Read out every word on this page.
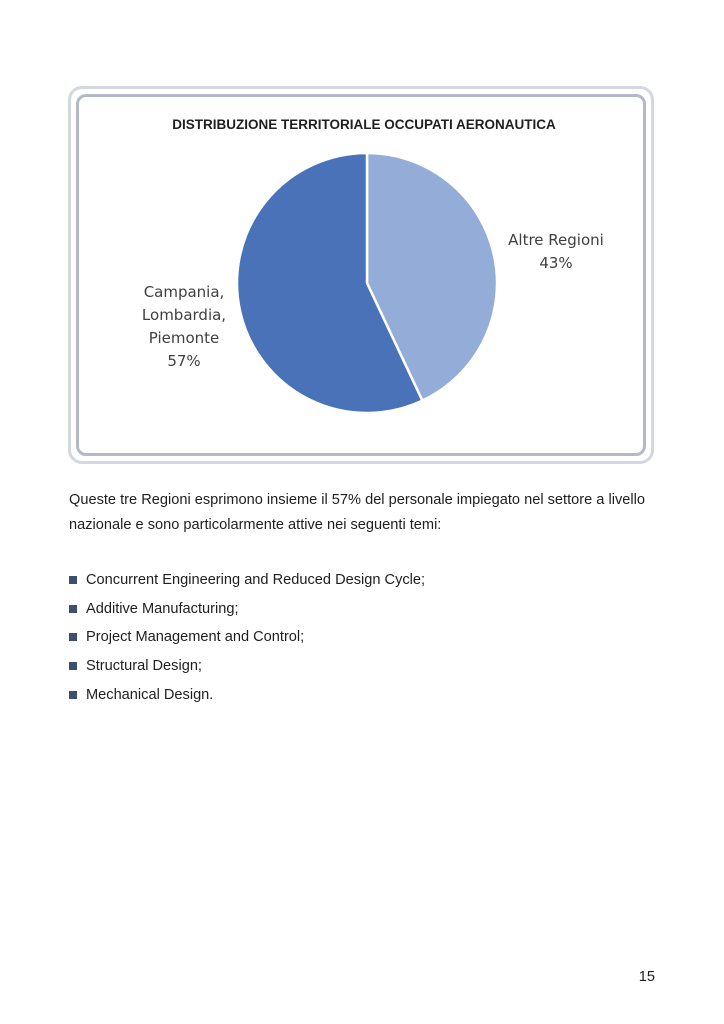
DISTRIBUZIONE TERRITORIALE OCCUPATI AERONAUTICA
Altre Regioni 43%
Campania, Lombardia, Piemonte 57%

Queste tre Regioni esprimono insieme il 57% del personale impiegato nel settore a livello nazionale e sono particolarmente attive nei seguenti temi:

Concurrent Engineering and Reduced Design Cycle;
Additive Manufacturing;
Project Management and Control;
Structural Design;
Mechanical Design.
15
